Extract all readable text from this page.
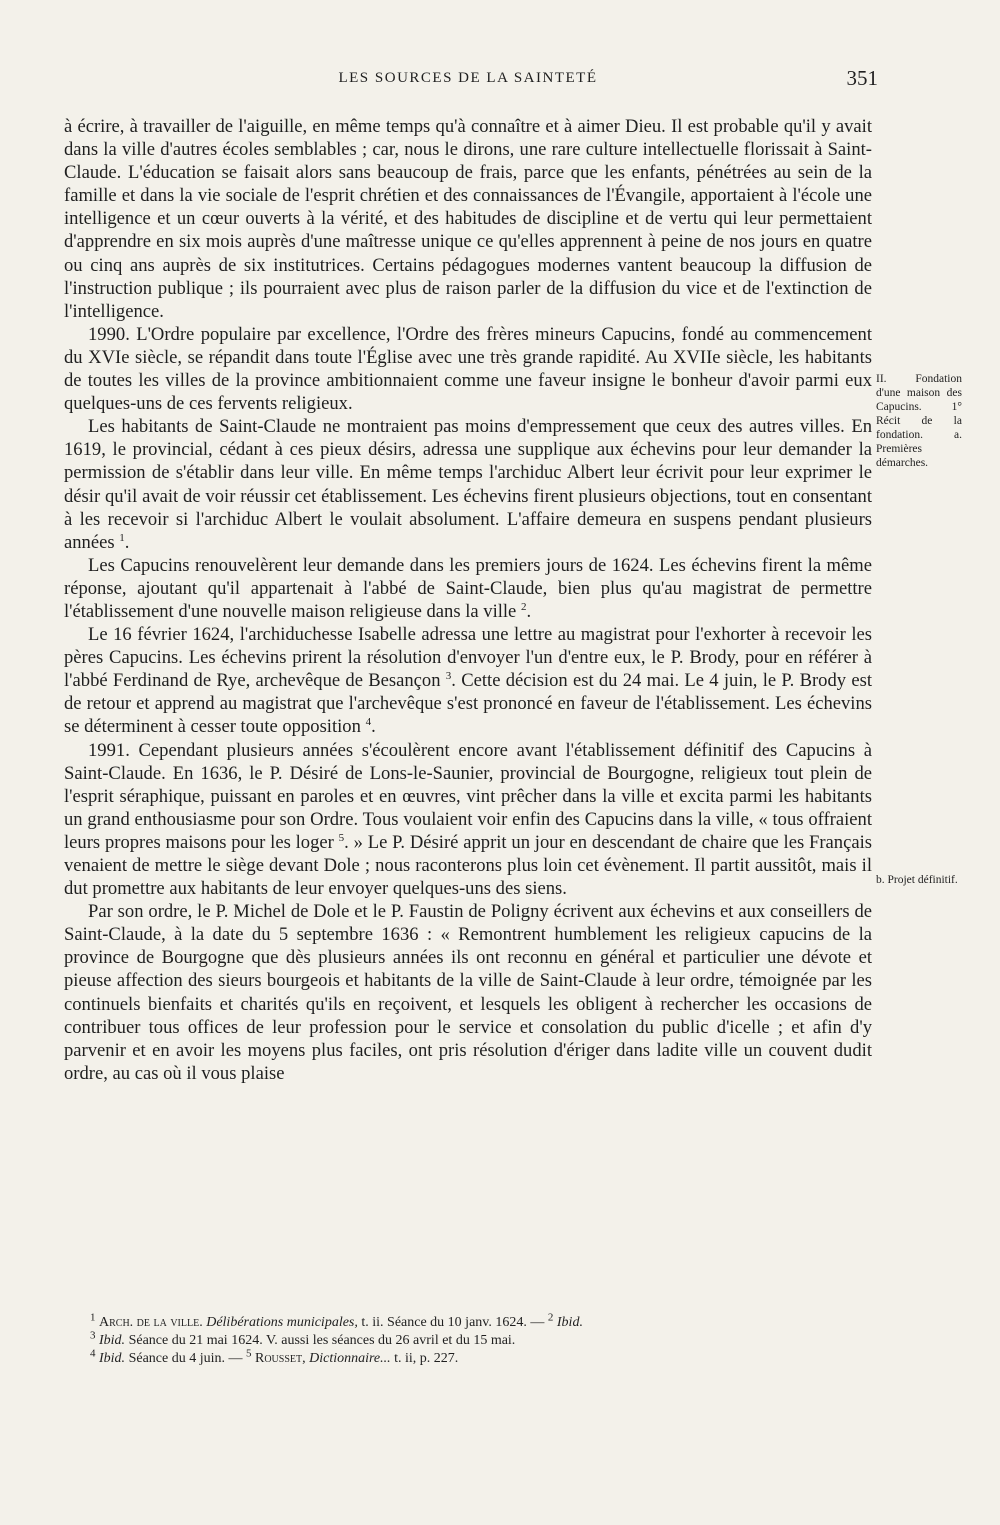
LES SOURCES DE LA SAINTETÉ	351

à écrire, à travailler de l'aiguille, en même temps qu'à connaître et à aimer Dieu. Il est probable qu'il y avait dans la ville d'autres écoles semblables ; car, nous le dirons, une rare culture intellectuelle florissait à Saint-Claude. L'éducation se faisait alors sans beaucoup de frais, parce que les enfants, pénétrées au sein de la famille et dans la vie sociale de l'esprit chrétien et des connaissances de l'Évangile, apportaient à l'école une intelligence et un cœur ouverts à la vérité, et des habitudes de discipline et de vertu qui leur permettaient d'apprendre en six mois auprès d'une maîtresse unique ce qu'elles apprennent à peine de nos jours en quatre ou cinq ans auprès de six institutrices. Certains pédagogues modernes vantent beaucoup la diffusion de l'instruction publique ; ils pourraient avec plus de raison parler de la diffusion du vice et de l'extinction de l'intelligence.

1990. L'Ordre populaire par excellence, l'Ordre des frères mineurs Capucins, fondé au commencement du XVIe siècle, se répandit dans toute l'Église avec une très grande rapidité. Au XVIIe siècle, les habitants de toutes les villes de la province ambitionnaient comme une faveur insigne le bonheur d'avoir parmi eux quelques-uns de ces fervents religieux.

Les habitants de Saint-Claude ne montraient pas moins d'empressement que ceux des autres villes. En 1619, le provincial, cédant à ces pieux désirs, adressa une supplique aux échevins pour leur demander la permission de s'établir dans leur ville. En même temps l'archiduc Albert leur écrivit pour leur exprimer le désir qu'il avait de voir réussir cet établissement. Les échevins firent plusieurs objections, tout en consentant à les recevoir si l'archiduc Albert le voulait absolument. L'affaire demeura en suspens pendant plusieurs années $^1$.

Les Capucins renouvelèrent leur demande dans les premiers jours de 1624. Les échevins firent la même réponse, ajoutant qu'il appartenait à l'abbé de Saint-Claude, bien plus qu'au magistrat de permettre l'établissement d'une nouvelle maison religieuse dans la ville $^2$.

Le 16 février 1624, l'archiduchesse Isabelle adressa une lettre au magistrat pour l'exhorter à recevoir les pères Capucins. Les échevins prirent la résolution d'envoyer l'un d'entre eux, le P. Brody, pour en référer à l'abbé Ferdinand de Rye, archevêque de Besançon $^3$. Cette décision est du 24 mai. Le 4 juin, le P. Brody est de retour et apprend au magistrat que l'archevêque s'est prononcé en faveur de l'établissement. Les échevins se déterminent à cesser toute opposition $^4$.

1991. Cependant plusieurs années s'écoulèrent encore avant l'établissement définitif des Capucins à Saint-Claude. En 1636, le P. Désiré de Lons-le-Saunier, provincial de Bourgogne, religieux tout plein de l'esprit séraphique, puissant en paroles et en œuvres, vint prêcher dans la ville et excita parmi les habitants un grand enthousiasme pour son Ordre. Tous voulaient voir enfin des Capucins dans la ville, « tous offraient leurs propres maisons pour les loger $^5$. » Le P. Désiré apprit un jour en descendant de chaire que les Français venaient de mettre le siège devant Dole ; nous raconterons plus loin cet évènement. Il partit aussitôt, mais il dut promettre aux habitants de leur envoyer quelques-uns des siens.

Par son ordre, le P. Michel de Dole et le P. Faustin de Poligny écrivent aux échevins et aux conseillers de Saint-Claude, à la date du 5 septembre 1636 : « Remontrent humblement les religieux capucins de la province de Bourgogne que dès plusieurs années ils ont reconnu en général et particulier une dévote et pieuse affection des sieurs bourgeois et habitants de la ville de Saint-Claude à leur ordre, témoignée par les continuels bienfaits et charités qu'ils en reçoivent, et lesquels les obligent à rechercher les occasions de contribuer tous offices de leur profession pour le service et consolation du public d'icelle ; et afin d'y parvenir et en avoir les moyens plus faciles, ont pris résolution d'ériger dans ladite ville un couvent dudit ordre, au cas où il vous plaise

II. Fondation d'une maison des Capucins. 1° Récit de la fondation. a. Premières démarches.
b. Projet définitif.

$^1$ Arch. de la ville. Délibérations municipales, t. ii. Séance du 10 janv. 1624. — $^2$ Ibid.

$^3$ Ibid. Séance du 21 mai 1624. V. aussi les séances du 26 avril et du 15 mai.

$^4$ Ibid. Séance du 4 juin. — $^5$ Rousset, Dictionnaire... t. ii, p. 227.
